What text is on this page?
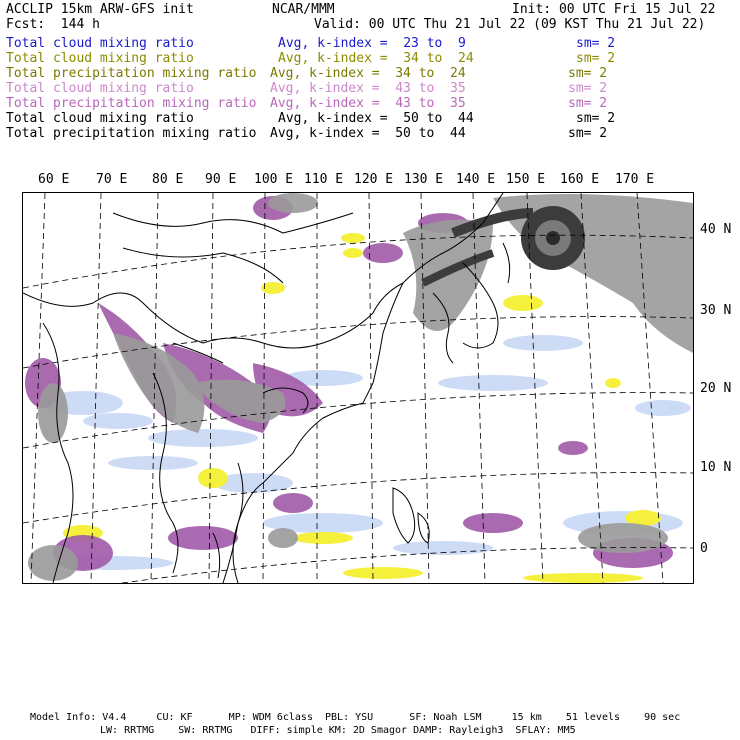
ACCLIP 15km ARW-GFS init	NCAR/MMM	Init: 00 UTC Fri 15 Jul 22
Fcst:  144 h	Valid: 00 UTC Thu 21 Jul 22 (09 KST Thu 21 Jul 22)
Total cloud mixing ratio	Avg, k-index =  23 to  9	sm= 2
Total cloud mixing ratio	Avg, k-index =  34 to  24	sm= 2
Total precipitation mixing ratio Avg, k-index =  34 to  24	sm= 2
Total cloud mixing ratio	Avg, k-index =  43 to  35	sm= 2
Total precipitation mixing ratio Avg, k-index =  43 to  35	sm= 2
Total cloud mixing ratio	Avg, k-index =  50 to  44	sm= 2
Total precipitation mixing ratio Avg, k-index =  50 to  44	sm= 2
60 E 70 E 80 E 90 E 100 E 110 E 120 E 130 E 140 E 150 E 160 E 170 E
40 N
30 N
20 N
10 N
0
Model Info: V4.4     CU: KF      MP: WDM 6class  PBL: YSU      SF: Noah LSM     15 km    51 levels    90 sec
LW: RRTMG    SW: RRTMG   DIFF: simple KM: 2D Smagor DAMP: Rayleigh3  SFLAY: MM5
